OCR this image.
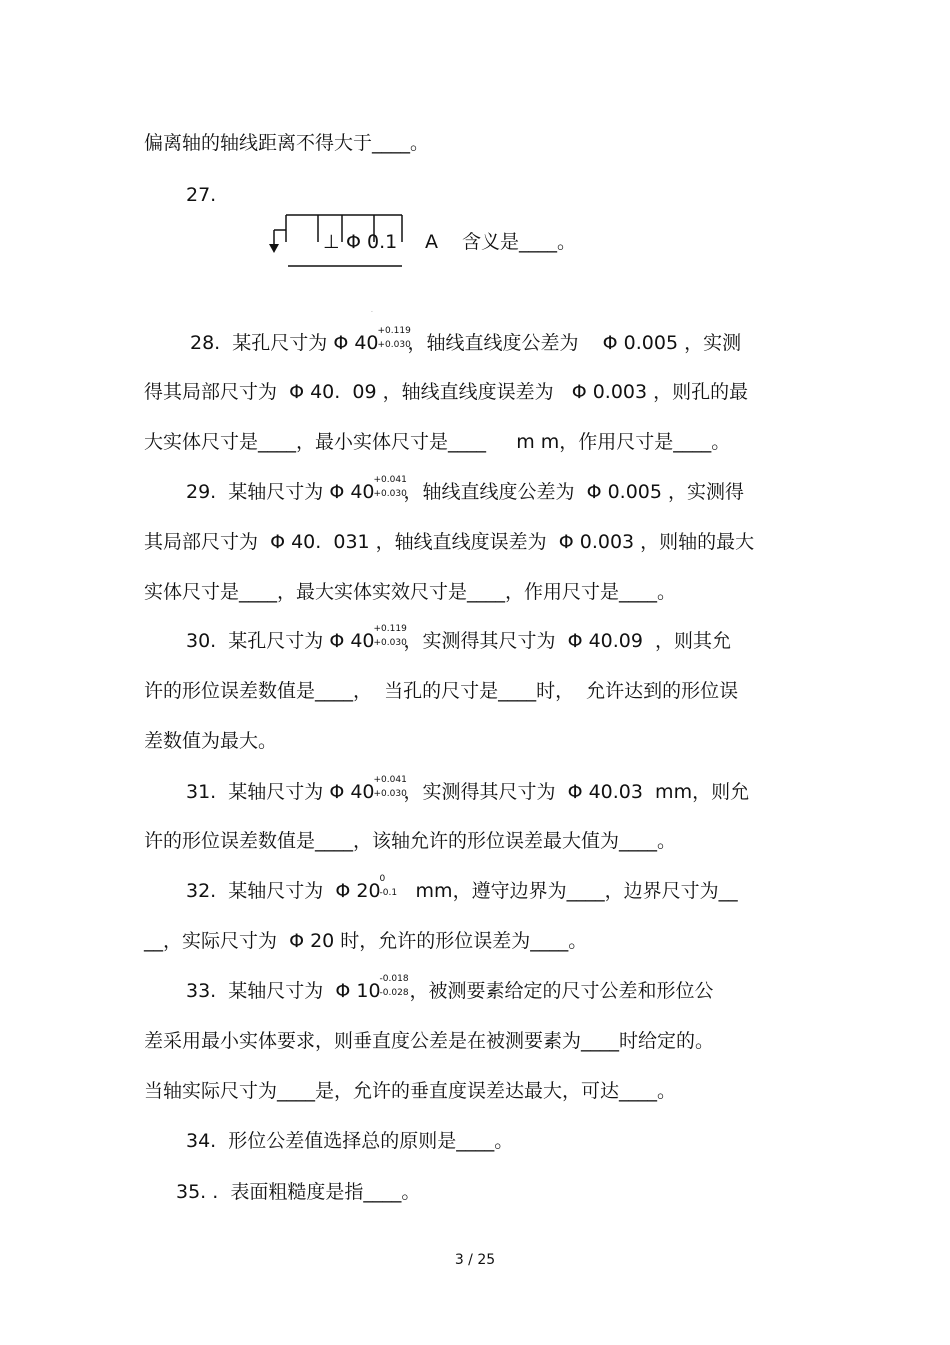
偏离轴的轴线距离不得大于____。
27.
⊥ Φ 0.1 A 含义是____。
·
28.  某孔尺寸为 Φ 40
+0.119
+0.030
，轴线直线度公差为    Φ 0.005 ，实测
得其局部尺寸为  Φ 40.  09 ，轴线直线度误差为   Φ 0.003 ，则孔的最
大实体尺寸是____，最小实体尺寸是____     m m，作用尺寸是____。
29.  某轴尺寸为 Φ 40
+0.041
+0.030
，轴线直线度公差为  Φ 0.005 ，实测得
其局部尺寸为  Φ 40.  031 ，轴线直线度误差为  Φ 0.003 ，则轴的最大
实体尺寸是____，最大实体实效尺寸是____，作用尺寸是____。
30.  某孔尺寸为 Φ 40
+0.119
+0.030
，实测得其尺寸为  Φ 40.09  ，则其允
许的形位误差数值是____，  当孔的尺寸是____时，  允许达到的形位误
差数值为最大。
31.  某轴尺寸为 Φ 40
+0.041
+0.030
，实测得其尺寸为  Φ 40.03  mm，则允
许的形位误差数值是____，该轴允许的形位误差最大值为____。
32.  某轴尺寸为  Φ 20
0
-0.1 mm，遵守边界为____，边界尺寸为__
__，实际尺寸为  Φ 20 时，允许的形位误差为____。
33.  某轴尺寸为  Φ 10
-0.018
-0.028 ，被测要素给定的尺寸公差和形位公
差采用最小实体要求，则垂直度公差是在被测要素为____时给定的。
当轴实际尺寸为____是，允许的垂直度误差达最大，可达____。
34.  形位公差值选择总的原则是____。
35. .  表面粗糙度是指____。
3 / 25
